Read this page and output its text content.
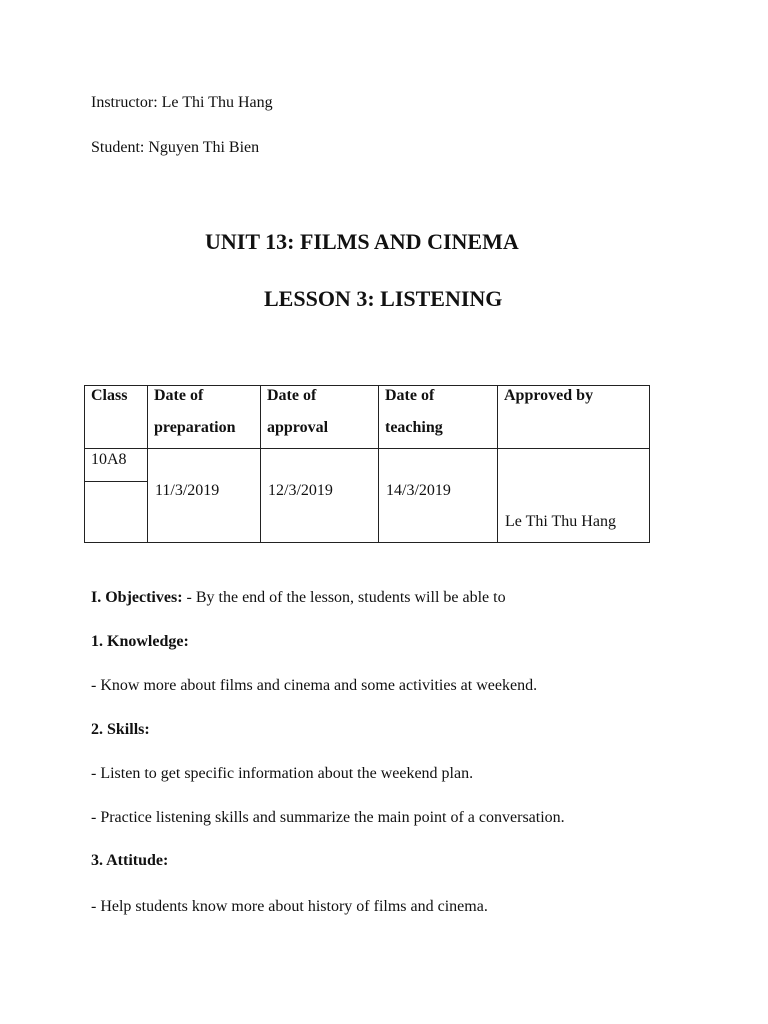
Instructor: Le Thi Thu Hang
Student: Nguyen Thi Bien
UNIT 13: FILMS AND CINEMA
LESSON 3: LISTENING
Class Date of
preparation
Date of
approval
Date of
teaching
Approved by
10A8
11/3/2019	12/3/2019	14/3/2019
Le Thi Thu Hang
I. Objectives: - By the end of the lesson, students will be able to
1. Knowledge:
- Know more about films and cinema and some activities at weekend.
2. Skills:
- Listen to get specific information about the weekend plan.
- Practice listening skills and summarize the main point of a conversation.
3. Attitude:
- Help students know more about history of films and cinema.
